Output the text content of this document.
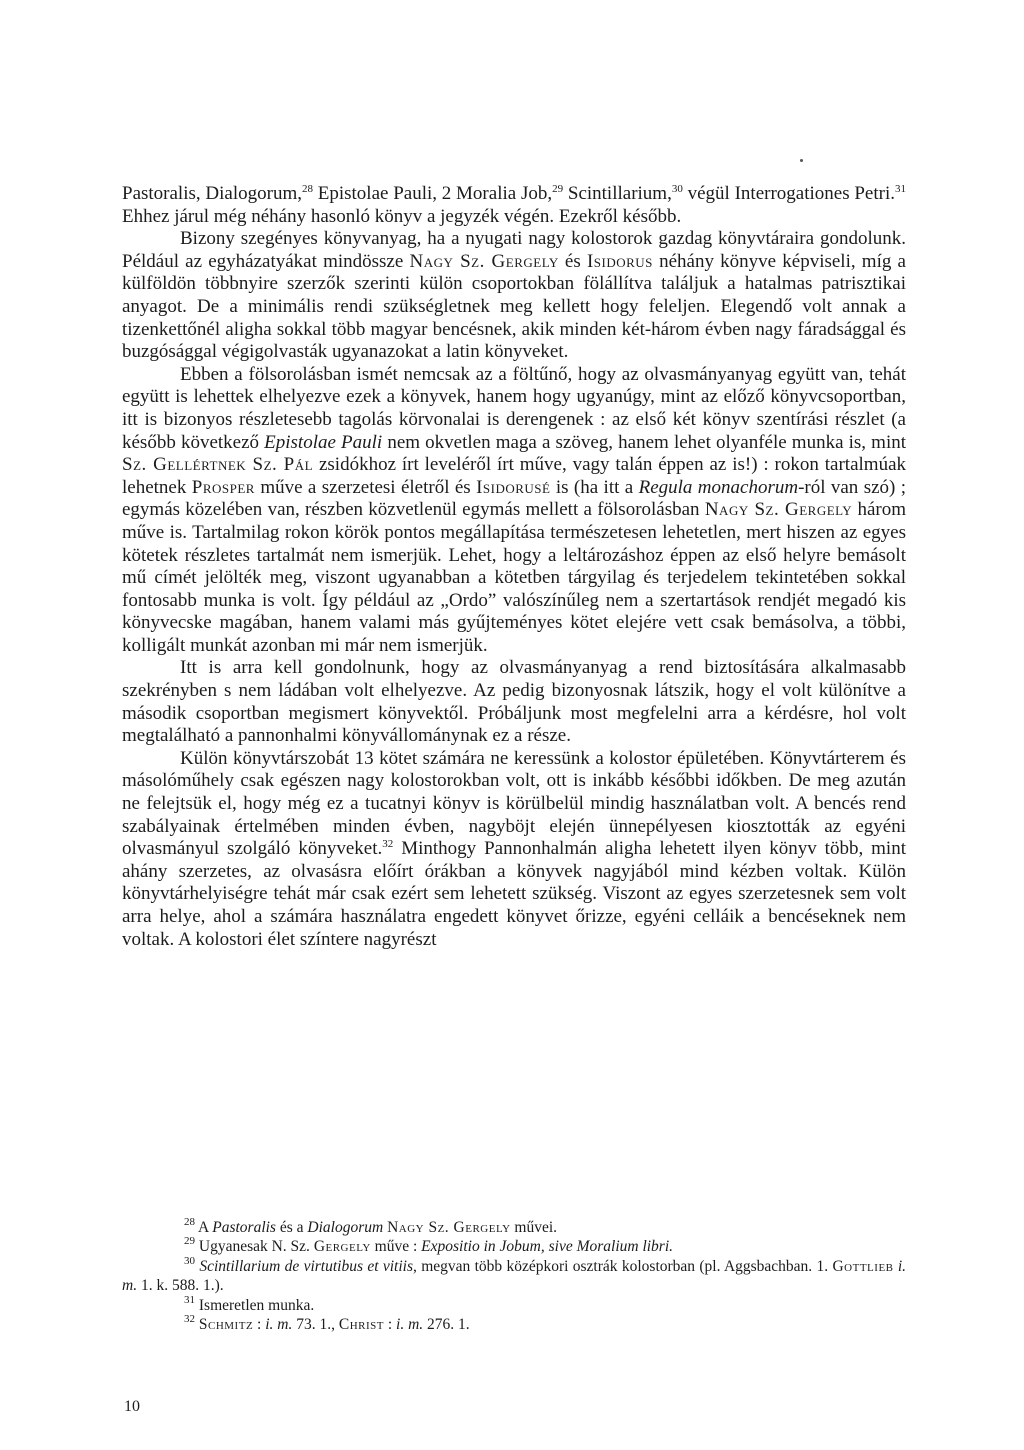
Pastoralis, Dialogorum,$^{28}$ Epistolae Pauli, 2 Moralia Job,$^{29}$ Scintillarium,$^{30}$ végül Interrogationes Petri.$^{31}$ Ehhez járul még néhány hasonló könyv a jegyzék végén. Ezekről később.

Bizony szegényes könyvanyag, ha a nyugati nagy kolostorok gazdag könyvtáraira gondolunk. Például az egyházatyákat mindössze Nagy Sz. Gergely és Isidorus néhány könyve képviseli, míg a külföldön többnyire szerzők szerinti külön csoportokban fölállítva találjuk a hatalmas patrisztikai anyagot. De a minimális rendi szükségletnek meg kellett hogy feleljen. Elegendő volt annak a tizenkettőnél aligha sokkal több magyar bencésnek, akik minden két-három évben nagy fáradsággal és buzgósággal végigolvasták ugyanazokat a latin könyveket.

Ebben a fölsorolásban ismét nemcsak az a föltűnő, hogy az olvasmányanyag együtt van, tehát együtt is lehettek elhelyezve ezek a könyvek, hanem hogy ugyanúgy, mint az előző könyvcsoportban, itt is bizonyos részletesebb tagolás körvonalai is derengenek : az első két könyv szentírási részlet (a később következő Epistolae Pauli nem okvetlen maga a szöveg, hanem lehet olyanféle munka is, mint Sz. Gellértnek Sz. Pál zsidókhoz írt leveléről írt műve, vagy talán éppen az is!) : rokon tartalmúak lehetnek Prosper műve a szerzetesi életről és Isidorusé is (ha itt a Regula monachorum-ról van szó) ; egymás közelében van, részben közvetlenül egymás mellett a fölsorolásban Nagy Sz. Gergely három műve is. Tartalmilag rokon körök pontos megállapítása természetesen lehetetlen, mert hiszen az egyes kötetek részletes tartalmát nem ismerjük. Lehet, hogy a leltározáshoz éppen az első helyre bemásolt mű címét jelölték meg, viszont ugyanabban a kötetben tárgyilag és terjedelem tekintetében sokkal fontosabb munka is volt. Így például az „Ordo” valószínűleg nem a szertartások rendjét megadó kis könyvecske magában, hanem valami más gyűjteményes kötet elejére vett csak bemásolva, a többi, kolligált munkát azonban mi már nem ismerjük.

Itt is arra kell gondolnunk, hogy az olvasmányanyag a rend biztosítására alkalmasabb szekrényben s nem ládában volt elhelyezve. Az pedig bizonyosnak látszik, hogy el volt különítve a második csoportban megismert könyvektől. Próbáljunk most megfelelni arra a kérdésre, hol volt megtalálható a pannonhalmi könyvállománynak ez a része.

Külön könyvtárszobát 13 kötet számára ne keressünk a kolostor épületében. Könyvtárterem és másolóműhely csak egészen nagy kolostorokban volt, ott is inkább későbbi időkben. De meg azután ne felejtsük el, hogy még ez a tucatnyi könyv is körülbelül mindig használatban volt. A bencés rend szabályainak értelmében minden évben, nagyböjt elején ünnepélyesen kiosztották az egyéni olvasmányul szolgáló könyveket.$^{32}$ Minthogy Pannonhalmán aligha lehetett ilyen könyv több, mint ahány szerzetes, az olvasásra előírt órákban a könyvek nagyjából mind kézben voltak. Külön könyvtárhelyiségre tehát már csak ezért sem lehetett szükség. Viszont az egyes szerzetesnek sem volt arra helye, ahol a számára használatra engedett könyvet őrizze, egyéni celláik a bencéseknek nem voltak. A kolostori élet színtere nagyrészt

$^{28}$ A Pastoralis és a Dialogorum Nagy Sz. Gergely művei.

$^{29}$ Ugyanesak N. Sz. Gergely műve : Expositio in Jobum, sive Moralium libri.

$^{30}$ Scintillarium de virtutibus et vitiis, megvan több középkori osztrák kolostorban (pl. Aggsbachban. 1. Gottlieb i. m. 1. k. 588. 1.).

$^{31}$ Ismeretlen munka.

$^{32}$ Schmitz : i. m. 73. 1., Christ : i. m. 276. 1.

10
